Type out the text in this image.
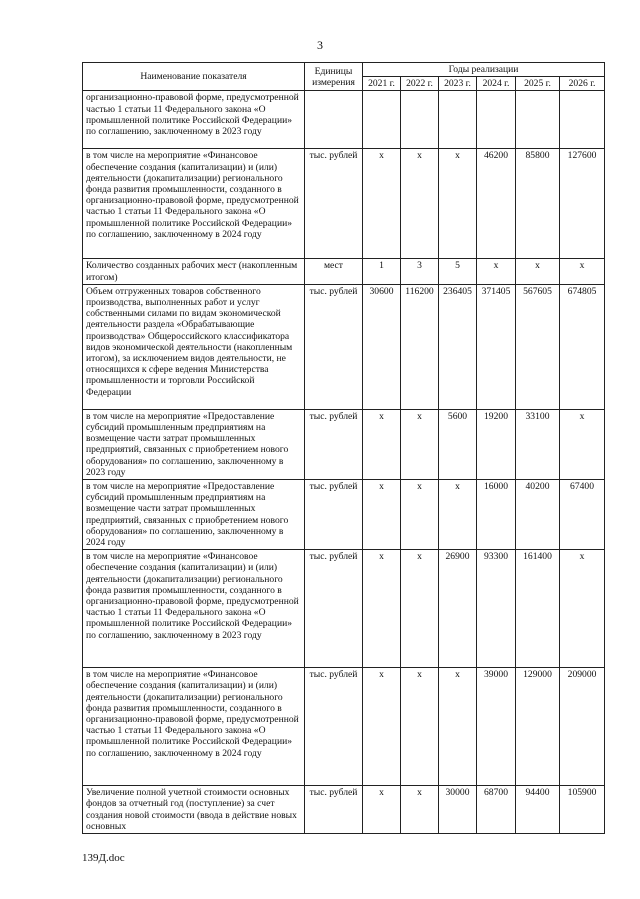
3
Наименование показателя	Единицы измерения	Годы реализации					
		2021 г.	2022 г.	2023 г.	2024 г.	2025 г.	2026 г.
организационно-правовой форме, предусмотренной частью 1 статьи 11 Федерального закона «О промышленной политике Российской Федерации» по соглашению, заключенному в 2023 году							
в том числе на мероприятие «Финансовое обеспечение создания (капитализации) и (или) деятельности (докапитализации) регионального фонда развития промышленности, созданного в организационно-правовой форме, предусмотренной частью 1 статьи 11 Федерального закона «О промышленной политике Российской Федерации» по соглашению, заключенному в 2024 году	тыс. рублей	x	x	x	46200	85800	127600
Количество созданных рабочих мест (накопленным итогом)	мест	1	3	5	x	x	x
Объем отгруженных товаров собственного производства, выполненных работ и услуг собственными силами по видам экономической деятельности раздела «Обрабатывающие производства» Общероссийского классификатора видов экономической деятельности (накопленным итогом), за исключением видов деятельности, не относящихся к сфере ведения Министерства промышленности и торговли Российской Федерации	тыс. рублей	30600	116200	236405	371405	567605	674805
в том числе на мероприятие «Предоставление субсидий промышленным предприятиям на возмещение части затрат промышленных предприятий, связанных с приобретением нового оборудования» по соглашению, заключенному в 2023 году	тыс. рублей	x	x	5600	19200	33100	x
в том числе на мероприятие «Предоставление субсидий промышленным предприятиям на возмещение части затрат промышленных предприятий, связанных с приобретением нового оборудования» по соглашению, заключенному в 2024 году	тыс. рублей	x	x	x	16000	40200	67400
в том числе на мероприятие «Финансовое обеспечение создания (капитализации) и (или) деятельности (докапитализации) регионального фонда развития промышленности, созданного в организационно-правовой форме, предусмотренной частью 1 статьи 11 Федерального закона «О промышленной политике Российской Федерации» по соглашению, заключенному в 2023 году	тыс. рублей	x	x	26900	93300	161400	x
в том числе на мероприятие «Финансовое обеспечение создания (капитализации) и (или) деятельности (докапитализации) регионального фонда развития промышленности, созданного в организационно-правовой форме, предусмотренной частью 1 статьи 11 Федерального закона «О промышленной политике Российской Федерации» по соглашению, заключенному в 2024 году	тыс. рублей	x	x	x	39000	129000	209000
Увеличение полной учетной стоимости основных фондов за отчетный год (поступление) за счет создания новой стоимости (ввода в действие новых основных	тыс. рублей	x	x	30000	68700	94400	105900
139Д.doc
